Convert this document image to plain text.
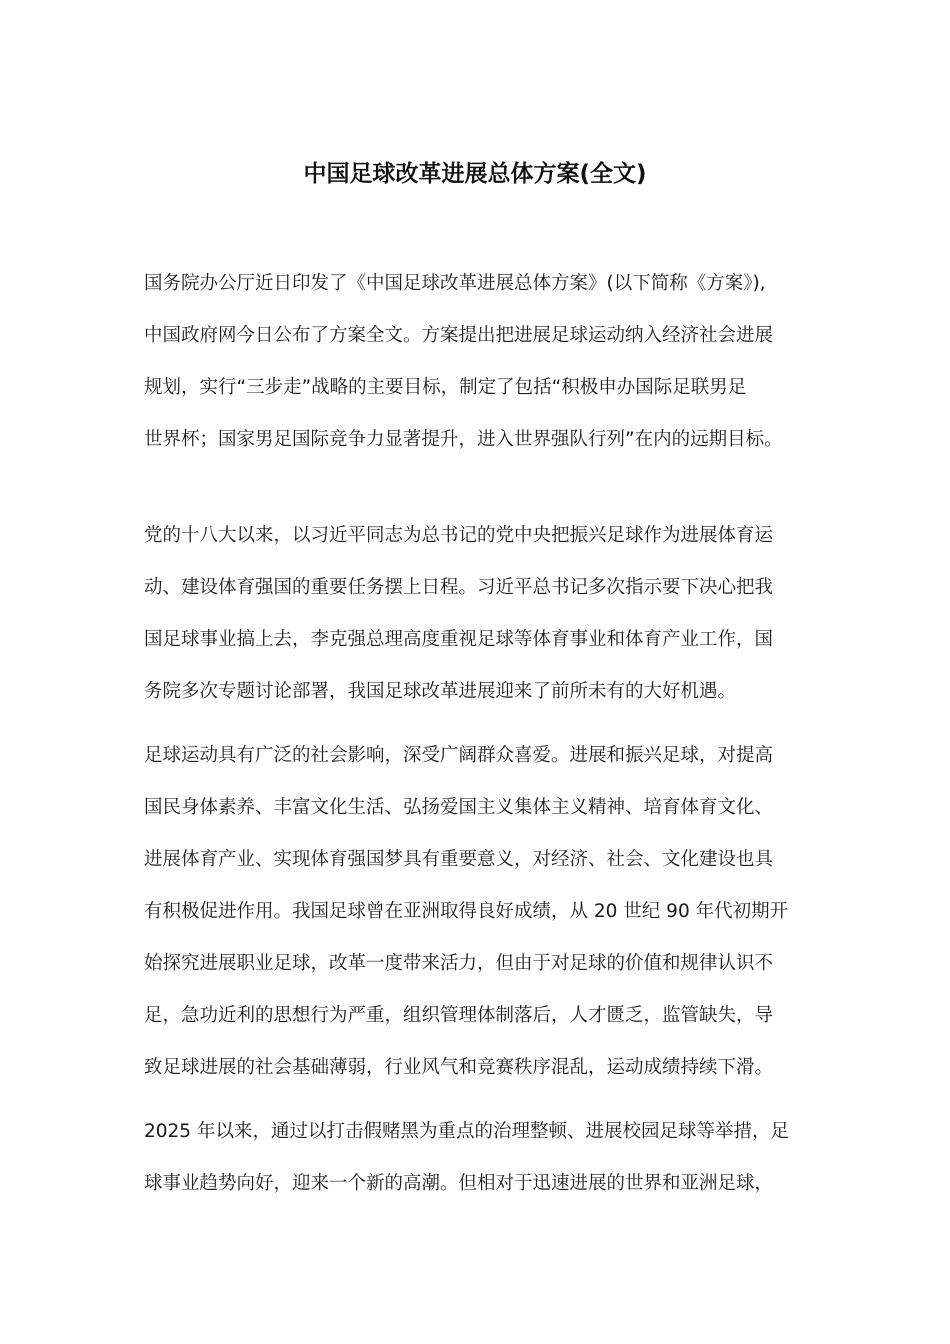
中国足球改革进展总体方案(全文)
国务院办公厅近日印发了《中国足球改革进展总体方案》(以下简称《方案》),
中国政府网今日公布了方案全文。方案提出把进展足球运动纳入经济社会进展
规划，实行“三步走”战略的主要目标，制定了包括“积极申办国际足联男足
世界杯；国家男足国际竞争力显著提升，进入世界强队行列”在内的远期目标。
党的十八大以来，以习近平同志为总书记的党中央把振兴足球作为进展体育运
动、建设体育强国的重要任务摆上日程。习近平总书记多次指示要下决心把我
国足球事业搞上去，李克强总理高度重视足球等体育事业和体育产业工作，国
务院多次专题讨论部署，我国足球改革进展迎来了前所未有的大好机遇。
足球运动具有广泛的社会影响，深受广阔群众喜爱。进展和振兴足球，对提高
国民身体素养、丰富文化生活、弘扬爱国主义集体主义精神、培育体育文化、
进展体育产业、实现体育强国梦具有重要意义，对经济、社会、文化建设也具
有积极促进作用。我国足球曾在亚洲取得良好成绩，从 20 世纪 90 年代初期开
始探究进展职业足球，改革一度带来活力，但由于对足球的价值和规律认识不
足，急功近利的思想行为严重，组织管理体制落后，人才匮乏，监管缺失，导
致足球进展的社会基础薄弱，行业风气和竞赛秩序混乱，运动成绩持续下滑。
2025 年以来，通过以打击假赌黑为重点的治理整顿、进展校园足球等举措，足
球事业趋势向好，迎来一个新的高潮。但相对于迅速进展的世界和亚洲足球，
